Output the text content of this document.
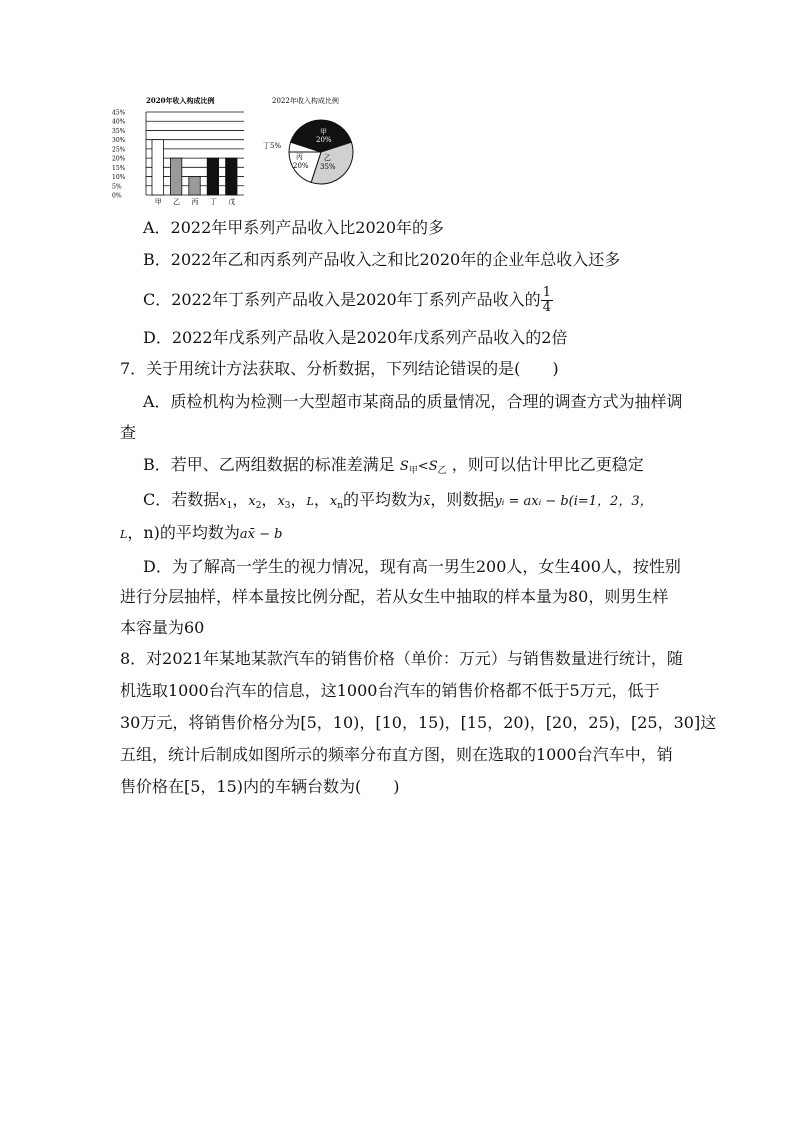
2020年收入构成比例
45%
40%
35%
30%
25%
20%
15%
10%
5%
0%
甲 乙 丙 丁 戊
2022年收入构成比例
甲
20%
乙
35%
丙
20%
丁5%
A．2022年甲系列产品收入比2020年的多
B．2022年乙和丙系列产品收入之和比2020年的企业年总收入还多
C．2022年丁系列产品收入是2020年丁系列产品收入的 $\frac{1}{4}$
D．2022年戊系列产品收入是2020年戊系列产品收入的2倍
7．关于用统计方法获取、分析数据，下列结论错误的是(　　)
A．质检机构为检测一大型超市某商品的质量情况，合理的调查方式为抽样调
查
B．若甲、乙两组数据的标准差满足 $S_甲<S_乙$ ，则可以估计甲比乙更稳定
C．若数据$x_1$，$x_2$，$x_3$，L，$x_n$的平均数为x̄，则数据yᵢ = axᵢ − b(i=1，2，3，
L，n)的平均数为ax̄ − b
D．为了解高一学生的视力情况，现有高一男生200人，女生400人，按性别
进行分层抽样，样本量按比例分配，若从女生中抽取的样本量为80，则男生样
本容量为60
8．对2021年某地某款汽车的销售价格（单价：万元）与销售数量进行统计，随
机选取1000台汽车的信息，这1000台汽车的销售价格都不低于5万元，低于
30万元，将销售价格分为[5，10)，[10，15)，[15，20)，[20，25)，[25，30]这
五组，统计后制成如图所示的频率分布直方图，则在选取的1000台汽车中，销
售价格在[5，15)内的车辆台数为(　　)
